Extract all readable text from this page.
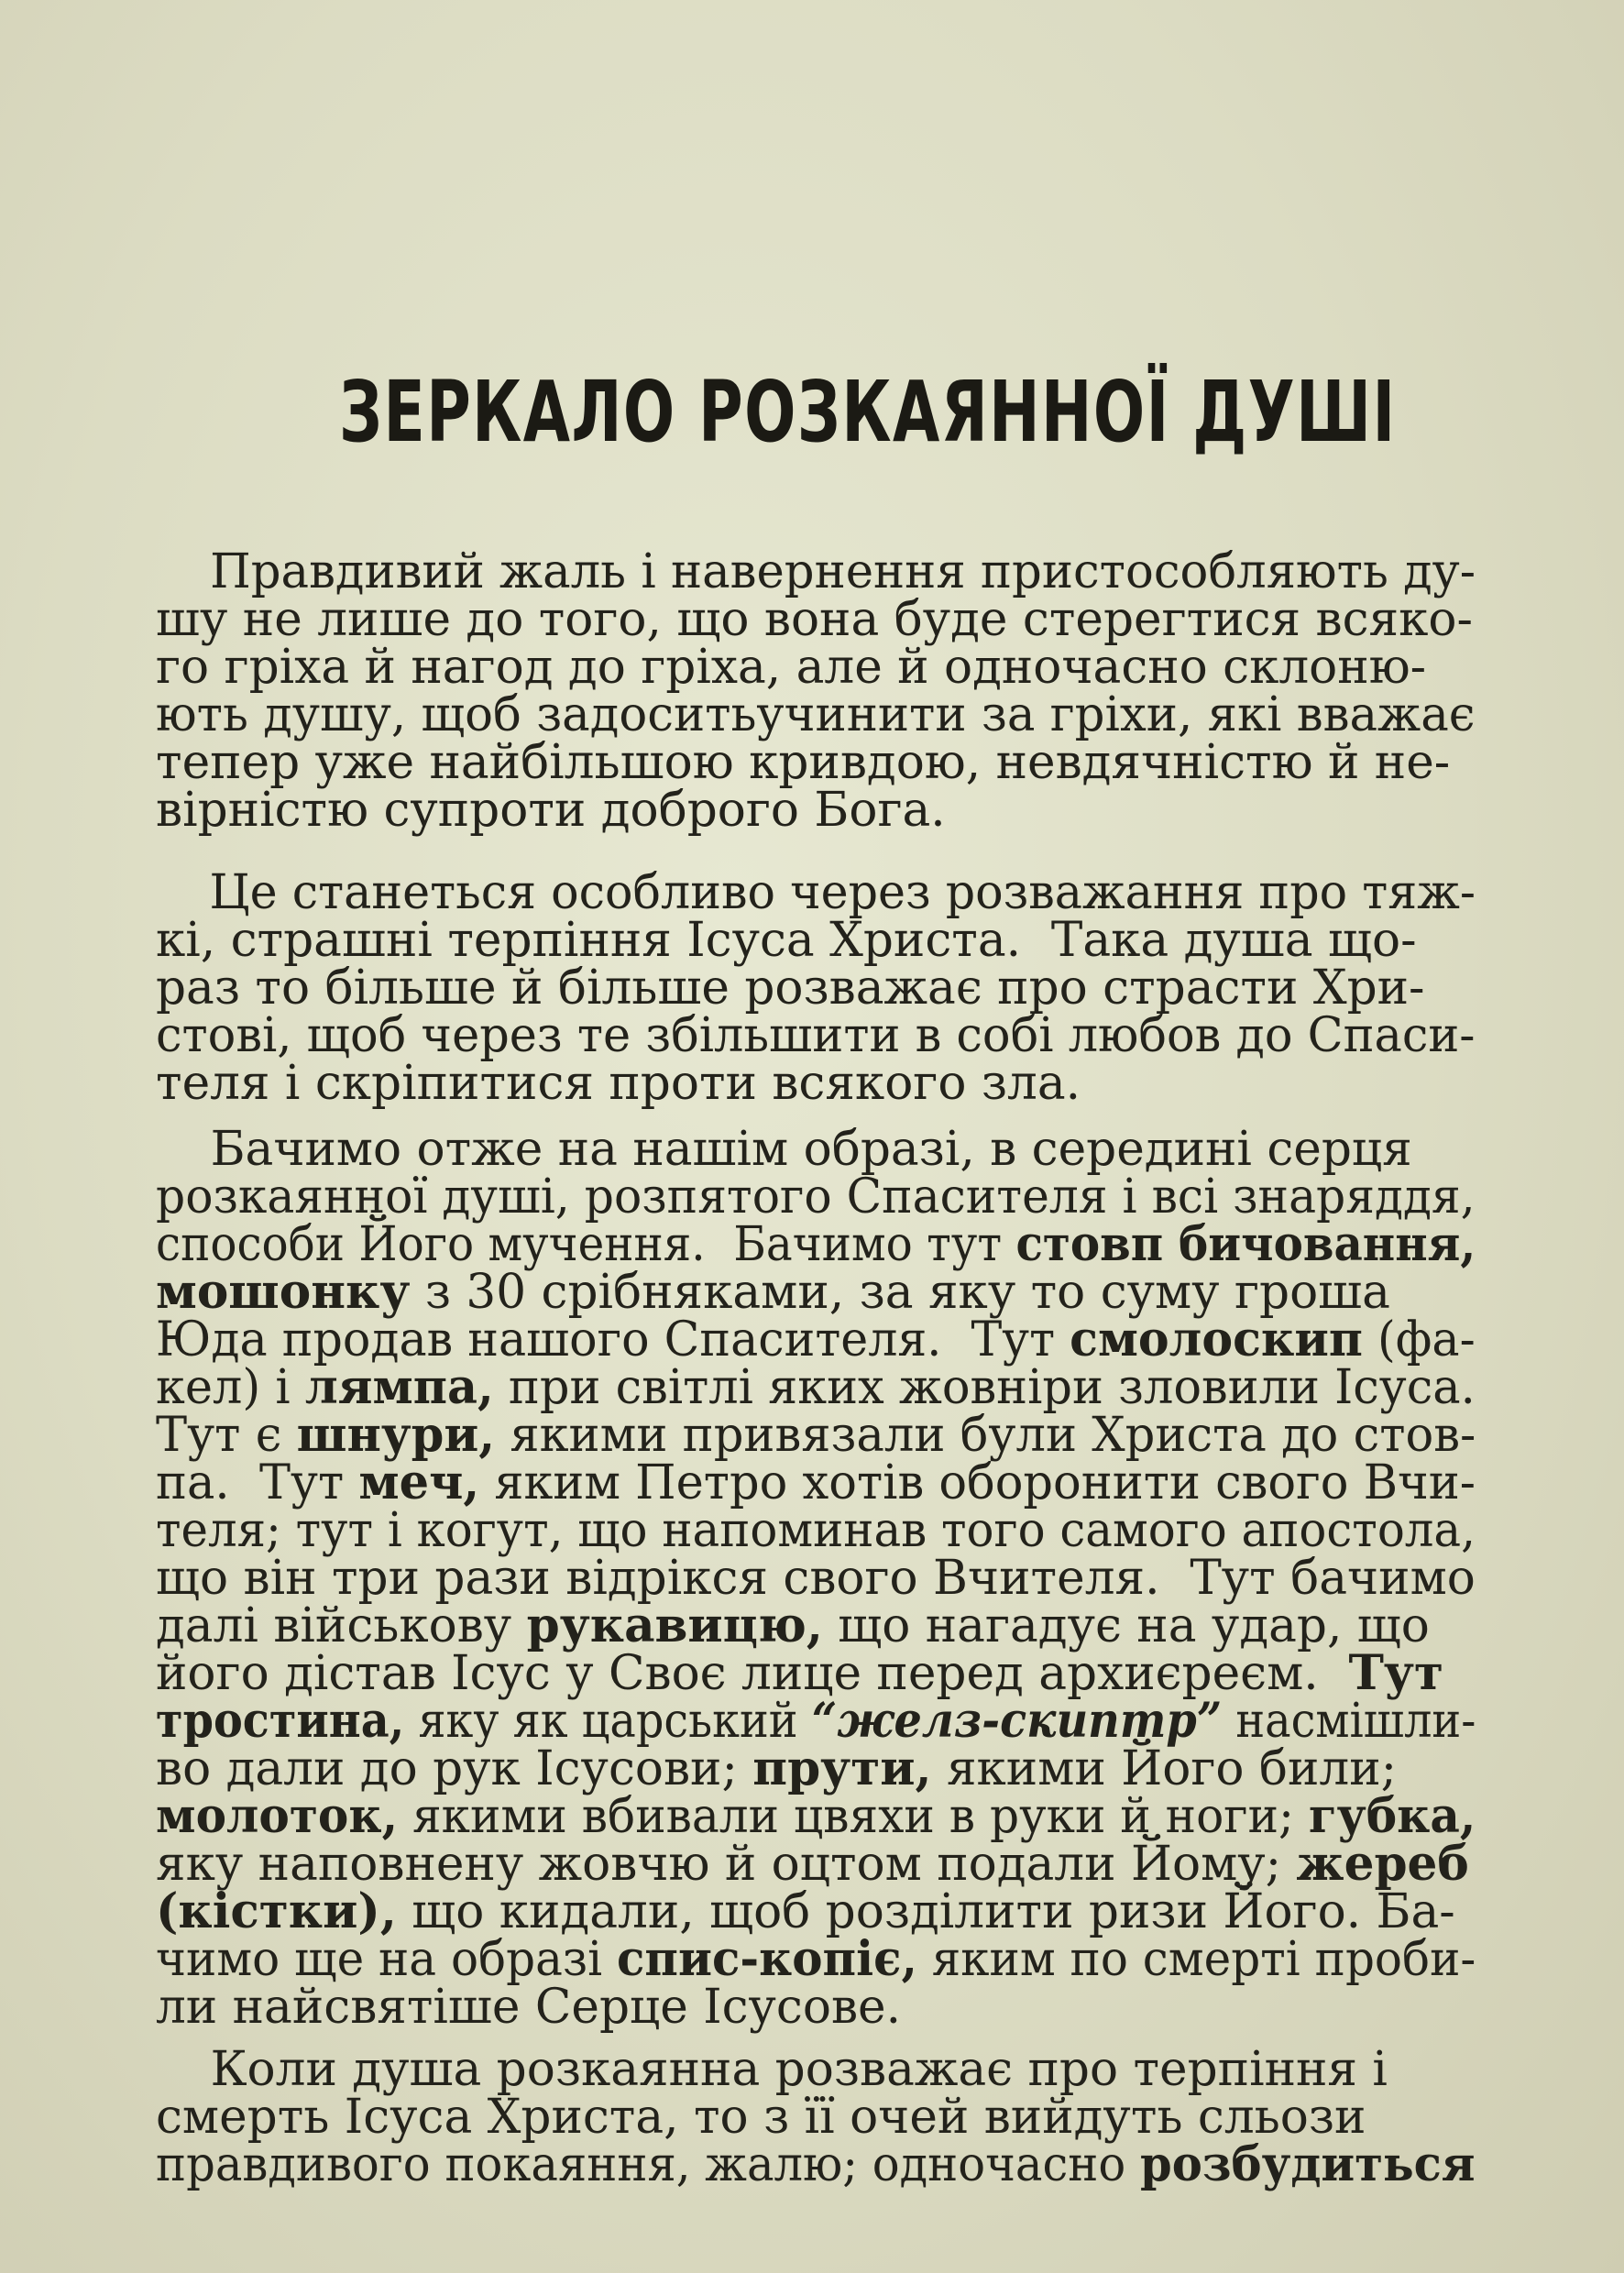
ЗЕРКАЛО РОЗКАЯННОЇ ДУШІ
Правдивий жаль і навернення пристособляють ду-
шу не лише до того, що вона буде стерегтися всяко-
го гріха й нагод до гріха, але й одночасно склоню-
ють душу, щоб задоситьучинити за гріхи, які вважає
тепер уже найбільшою кривдою, невдячністю й не-
вірністю супроти доброго Бога.
Це станеться особливо через розважання про тяж-
кі, страшні терпіння Ісуса Христа.  Така душа що-
раз то більше й більше розважає про страсти Хри-
стові, щоб через те збільшити в собі любов до Спаси-
теля і скріпитися проти всякого зла.
Бачимо отже на нашім образі, в середині серця
розкаянної душі, розпятого Спасителя і всі знаряддя,
способи Його мучення.  Бачимо тут стовп бичовання,
мошонку з 30 срібняками, за яку то суму гроша
Юда продав нашого Спасителя.  Тут смолоскип (фа-
кел) і лямпа, при світлі яких жовніри зловили Ісуса.
Тут є шнури, якими привязали були Христа до стов-
па.  Тут меч, яким Петро хотів оборонити свого Вчи-
теля; тут і когут, що напоминав того самого апостола,
що він три рази відрікся свого Вчителя.  Тут бачимо
далі військову рукавицю, що нагадує на удар, що
його дістав Ісус у Своє лице перед архиєреєм.  Тут
тростина, яку як царський “желз-скиптр” насмішли-
во дали до рук Ісусови; прути, якими Його били;
молоток, якими вбивали цвяхи в руки й ноги; губка,
яку наповнену жовчю й оцтом подали Йому; жереб
(кістки), що кидали, щоб розділити ризи Його. Ба-
чимо ще на образі спис-копіє, яким по смерті проби-
ли найсвятіше Серце Ісусове.
Коли душа розкаянна розважає про терпіння і
смерть Ісуса Христа, то з її очей вийдуть сльози
правдивого покаяння, жалю; одночасно розбудиться
